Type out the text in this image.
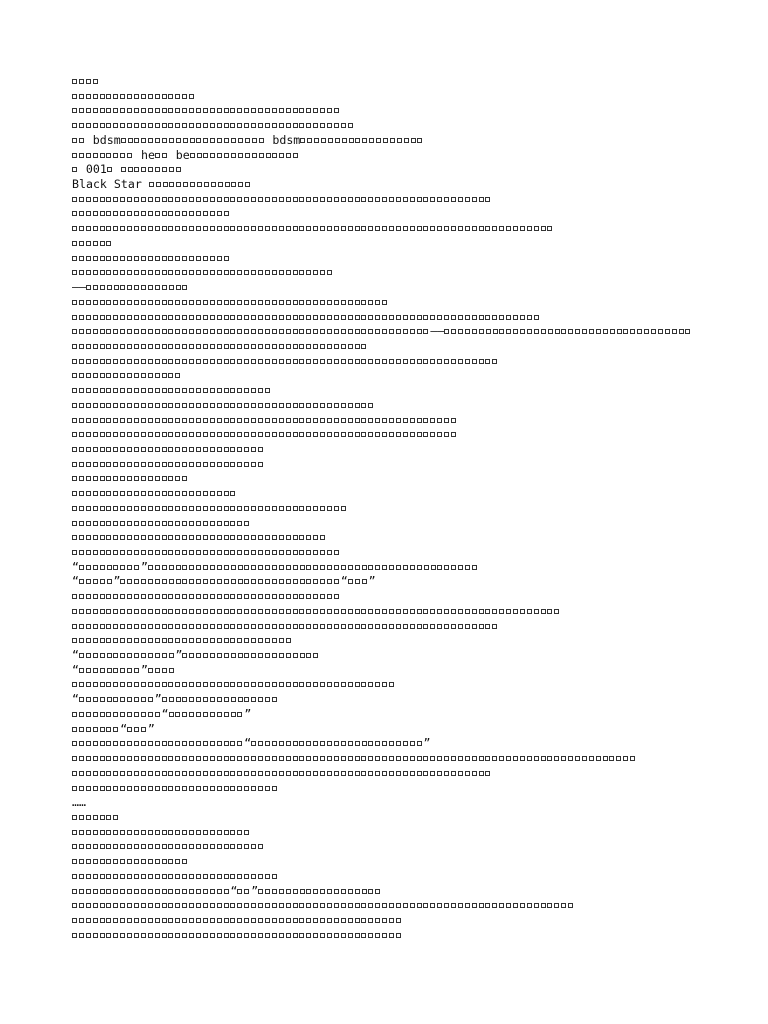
bdsm	bdsm
he be
001
Black Star
——
——
“	”
“	”	“ ”
“	”
“	”
“	”
“	”
“ ”
“	”
……
“ ”
